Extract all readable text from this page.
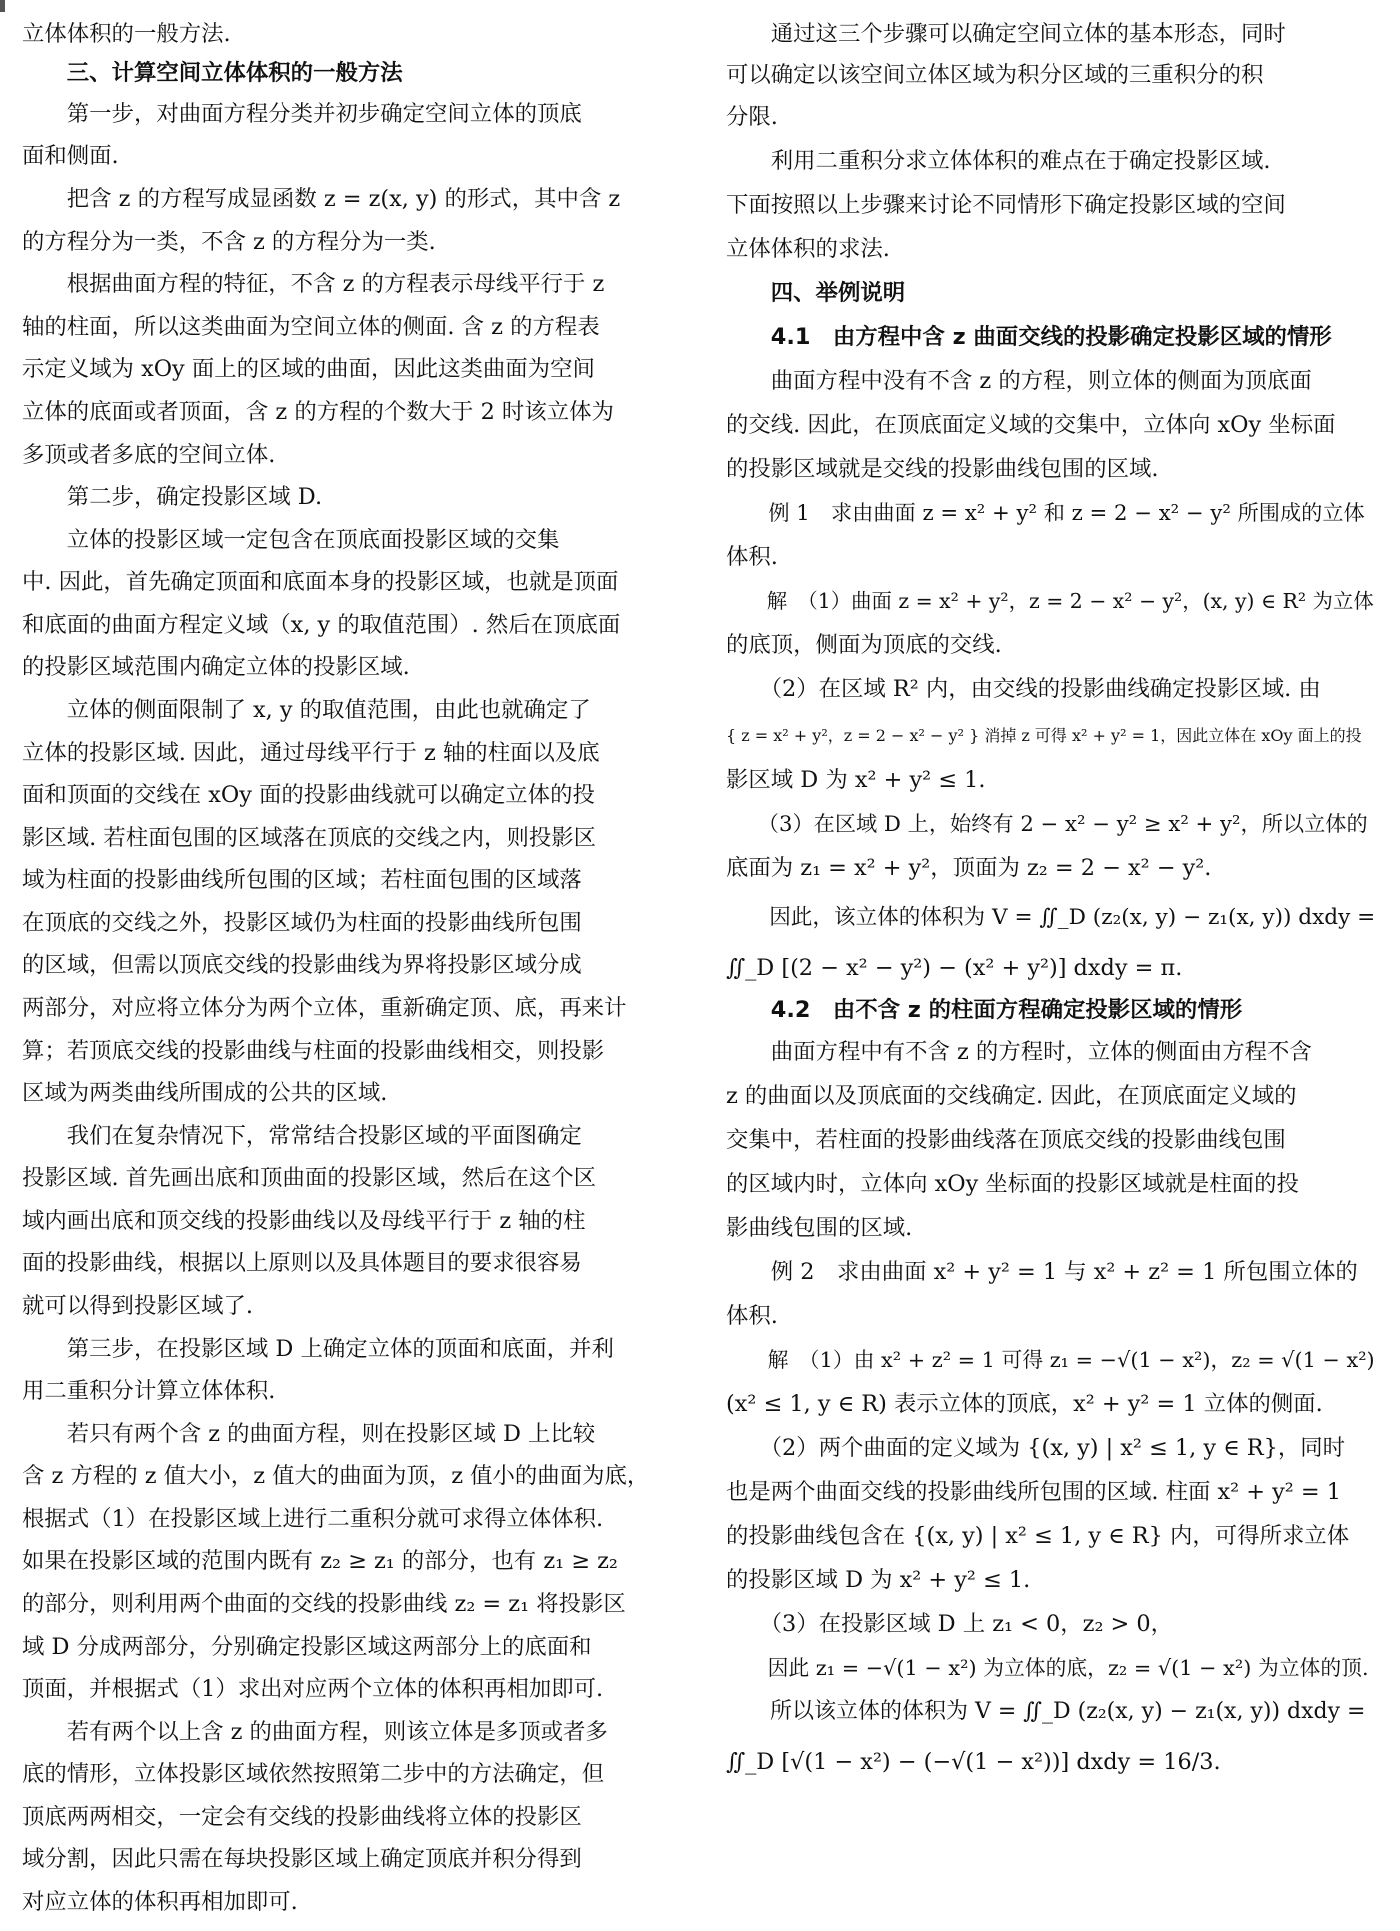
立体体积的一般方法.
　　三、计算空间立体体积的一般方法
　　第一步，对曲面方程分类并初步确定空间立体的顶底
面和侧面.
　　把含 z 的方程写成显函数 z = z(x, y) 的形式，其中含 z
的方程分为一类，不含 z 的方程分为一类.
　　根据曲面方程的特征，不含 z 的方程表示母线平行于 z
轴的柱面，所以这类曲面为空间立体的侧面. 含 z 的方程表
示定义域为 xOy 面上的区域的曲面，因此这类曲面为空间
立体的底面或者顶面，含 z 的方程的个数大于 2 时该立体为
多顶或者多底的空间立体.
　　第二步，确定投影区域 D.
　　立体的投影区域一定包含在顶底面投影区域的交集
中. 因此，首先确定顶面和底面本身的投影区域，也就是顶面
和底面的曲面方程定义域（x, y 的取值范围）. 然后在顶底面
的投影区域范围内确定立体的投影区域.
　　立体的侧面限制了 x, y 的取值范围，由此也就确定了
立体的投影区域. 因此，通过母线平行于 z 轴的柱面以及底
面和顶面的交线在 xOy 面的投影曲线就可以确定立体的投
影区域. 若柱面包围的区域落在顶底的交线之内，则投影区
域为柱面的投影曲线所包围的区域；若柱面包围的区域落
在顶底的交线之外，投影区域仍为柱面的投影曲线所包围
的区域，但需以顶底交线的投影曲线为界将投影区域分成
两部分，对应将立体分为两个立体，重新确定顶、底，再来计
算；若顶底交线的投影曲线与柱面的投影曲线相交，则投影
区域为两类曲线所围成的公共的区域.
　　我们在复杂情况下，常常结合投影区域的平面图确定
投影区域. 首先画出底和顶曲面的投影区域，然后在这个区
域内画出底和顶交线的投影曲线以及母线平行于 z 轴的柱
面的投影曲线，根据以上原则以及具体题目的要求很容易
就可以得到投影区域了.
　　第三步，在投影区域 D 上确定立体的顶面和底面，并利
用二重积分计算立体体积.
　　若只有两个含 z 的曲面方程，则在投影区域 D 上比较
含 z 方程的 z 值大小，z 值大的曲面为顶，z 值小的曲面为底，
根据式（1）在投影区域上进行二重积分就可求得立体体积.
如果在投影区域的范围内既有 z₂ ≥ z₁ 的部分，也有 z₁ ≥ z₂
的部分，则利用两个曲面的交线的投影曲线 z₂ = z₁ 将投影区
域 D 分成两部分，分别确定投影区域这两部分上的底面和
顶面，并根据式（1）求出对应两个立体的体积再相加即可.
　　若有两个以上含 z 的曲面方程，则该立体是多顶或者多
底的情形，立体投影区域依然按照第二步中的方法确定，但
顶底两两相交，一定会有交线的投影曲线将立体的投影区
域分割，因此只需在每块投影区域上确定顶底并积分得到
对应立体的体积再相加即可.
　　通过这三个步骤可以确定空间立体的基本形态，同时
可以确定以该空间立体区域为积分区域的三重积分的积
分限.
　　利用二重积分求立体体积的难点在于确定投影区域.
下面按照以上步骤来讨论不同情形下确定投影区域的空间
立体体积的求法.
　　四、举例说明
　　4.1　由方程中含 z 曲面交线的投影确定投影区域的情形
　　曲面方程中没有不含 z 的方程，则立体的侧面为顶底面
的交线. 因此，在顶底面定义域的交集中，立体向 xOy 坐标面
的投影区域就是交线的投影曲线包围的区域.
　　例 1　求由曲面 z = x² + y² 和 z = 2 − x² − y² 所围成的立体
体积.
　　解　（1）曲面 z = x² + y²，z = 2 − x² − y²，(x, y) ∈ R² 为立体
的底顶，侧面为顶底的交线.
　　（2）在区域 R² 内，由交线的投影曲线确定投影区域. 由
{ z = x² + y²，z = 2 − x² − y² } 消掉 z 可得 x² + y² = 1，因此立体在 xOy 面上的投
影区域 D 为 x² + y² ≤ 1.
　　（3）在区域 D 上，始终有 2 − x² − y² ≥ x² + y²，所以立体的
底面为 z₁ = x² + y²，顶面为 z₂ = 2 − x² − y².
　　因此，该立体的体积为 V = ∬_D (z₂(x, y) − z₁(x, y)) dxdy =
∬_D [(2 − x² − y²) − (x² + y²)] dxdy = π.
　　4.2　由不含 z 的柱面方程确定投影区域的情形
　　曲面方程中有不含 z 的方程时，立体的侧面由方程不含
z 的曲面以及顶底面的交线确定. 因此，在顶底面定义域的
交集中，若柱面的投影曲线落在顶底交线的投影曲线包围
的区域内时，立体向 xOy 坐标面的投影区域就是柱面的投
影曲线包围的区域.
　　例 2　求由曲面 x² + y² = 1 与 x² + z² = 1 所包围立体的
体积.
　　解　（1）由 x² + z² = 1 可得 z₁ = −√(1 − x²)，z₂ = √(1 − x²)
(x² ≤ 1, y ∈ R) 表示立体的顶底，x² + y² = 1 立体的侧面.
　　（2）两个曲面的定义域为 {(x, y) | x² ≤ 1, y ∈ R}，同时
也是两个曲面交线的投影曲线所包围的区域. 柱面 x² + y² = 1
的投影曲线包含在 {(x, y) | x² ≤ 1, y ∈ R} 内，可得所求立体
的投影区域 D 为 x² + y² ≤ 1.
　　（3）在投影区域 D 上 z₁ < 0，z₂ > 0，
　　因此 z₁ = −√(1 − x²) 为立体的底，z₂ = √(1 − x²) 为立体的顶.
　　所以该立体的体积为 V = ∬_D (z₂(x, y) − z₁(x, y)) dxdy =
∬_D [√(1 − x²) − (−√(1 − x²))] dxdy = 16/3.
